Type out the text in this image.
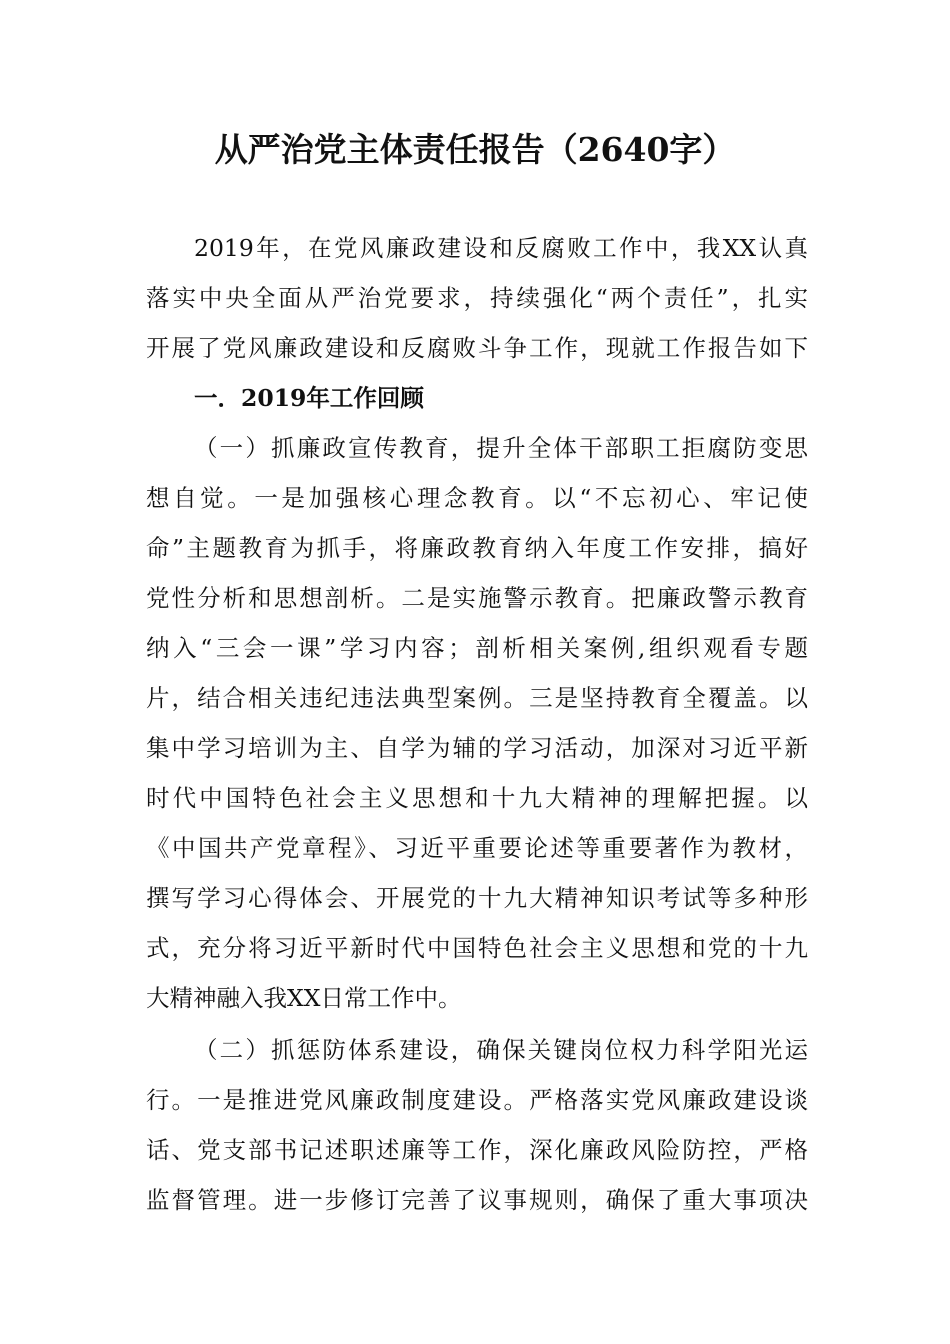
从严治党主体责任报告（2640字）
2019年，在党风廉政建设和反腐败工作中，我XX认真
落实中央全面从严治党要求，持续强化“两个责任”，扎实
开展了党风廉政建设和反腐败斗争工作，现就工作报告如下
一．2019年工作回顾
（一）抓廉政宣传教育，提升全体干部职工拒腐防变思
想自觉。一是加强核心理念教育。以“不忘初心、牢记使
命”主题教育为抓手，将廉政教育纳入年度工作安排，搞好
党性分析和思想剖析。二是实施警示教育。把廉政警示教育
纳入“三会一课”学习内容；剖析相关案例,组织观看专题
片，结合相关违纪违法典型案例。三是坚持教育全覆盖。以
集中学习培训为主、自学为辅的学习活动，加深对习近平新
时代中国特色社会主义思想和十九大精神的理解把握。以
《中国共产党章程》、习近平重要论述等重要著作为教材，
撰写学习心得体会、开展党的十九大精神知识考试等多种形
式，充分将习近平新时代中国特色社会主义思想和党的十九
大精神融入我XX日常工作中。
（二）抓惩防体系建设，确保关键岗位权力科学阳光运
行。一是推进党风廉政制度建设。严格落实党风廉政建设谈
话、党支部书记述职述廉等工作，深化廉政风险防控，严格
监督管理。进一步修订完善了议事规则，确保了重大事项决
